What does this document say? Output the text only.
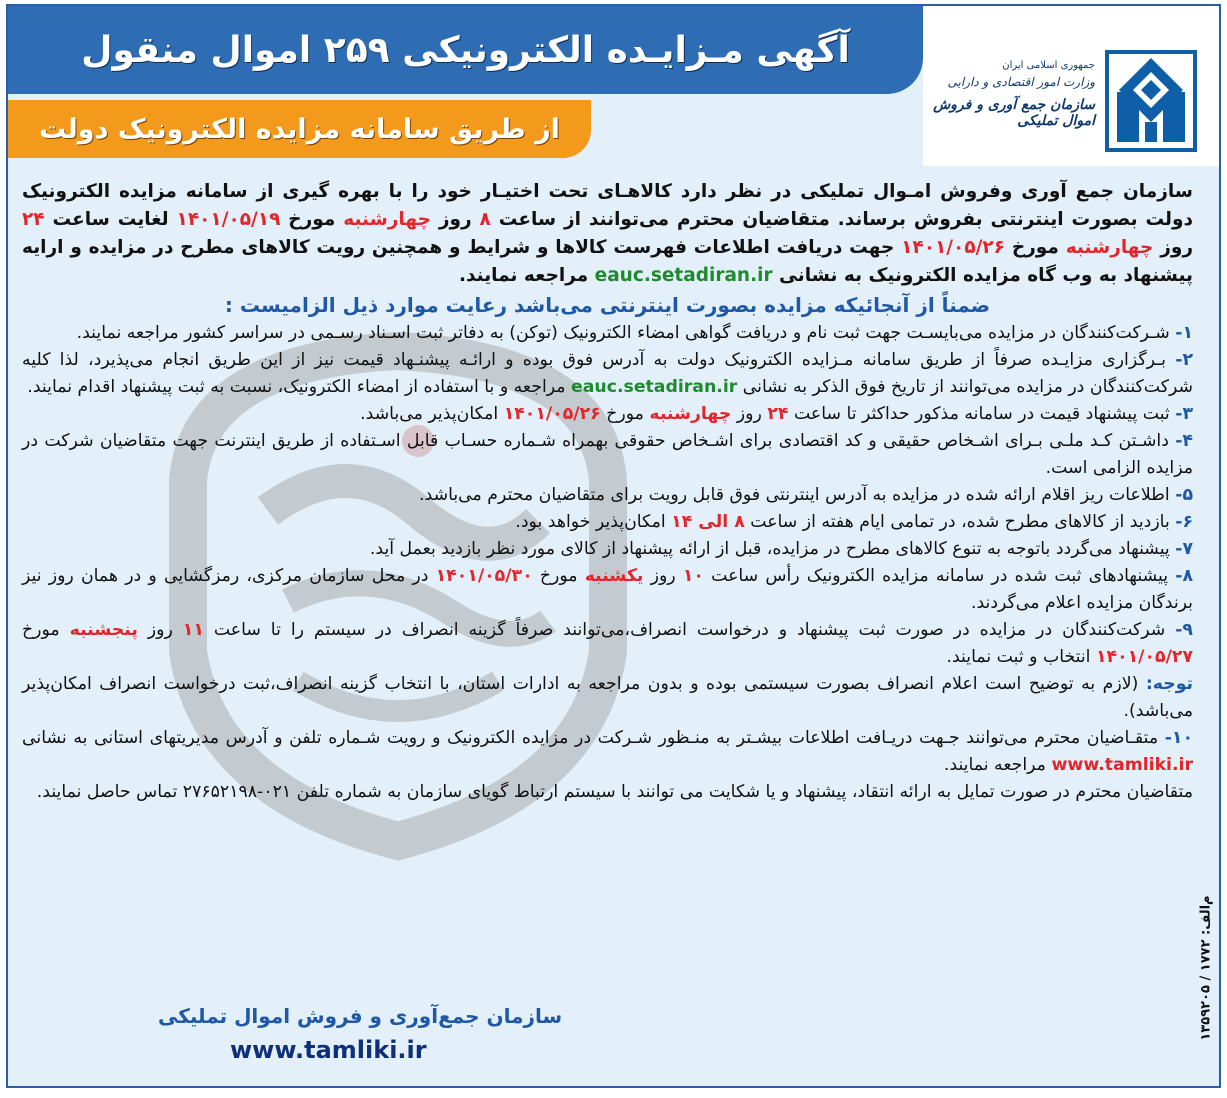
آگهی مـزایـده الکترونیکی ۲۵۹ اموال منقول
از طریق سامانه مزایده الکترونیک دولت
جمهوری اسلامی ایران
وزارت امور اقتصادی و دارایی
سازمان جمع آوری و فروش اموال تملیکی

سازمان جمع آوری وفروش امـوال تملیکی در نظر دارد کالاهـای تحت اختیـار خود را با بهره گیری از سامانه مزایده الکترونیک دولت بصورت اینترنتی بفروش برساند. متقاضیان محترم می‌توانند از ساعت ۸ روز چهارشنبه مورخ ۱۴۰۱/۰۵/۱۹ لغایت ساعت ۲۴ روز چهارشنبه مورخ ۱۴۰۱/۰۵/۲۶ جهت دریافت اطلاعات فهرست کالاها و شرایط و همچنین رویت کالاهای مطرح در مزایده و ارایه پیشنهاد به وب گاه مزایده الکترونیک به نشانی eauc.setadiran.ir مراجعه نمایند.

ضمناً از آنجائیکه مزایده بصورت اینترنتی می‌باشد رعایت موارد ذیل الزامیست :

۱- شـرکت‌کنندگان در مزایده می‌بایسـت جهت ثبت نام و دریافت گواهی امضاء الکترونیک (توکن) به دفاتر ثبت اسـناد رسـمی در سراسر کشور مراجعه نمایند.

۲- بـرگزاری مزایـده صرفاً از طریق سامانه مـزایده الکترونیک دولت به آدرس فوق بوده و ارائـه پیشنـهاد قیمت نیز از این طریق انجام می‌پذیرد، لذا کلیه شرکت‌کنندگان در مزایده می‌توانند از تاریخ فوق الذکر به نشانی eauc.setadiran.ir مراجعه و با استفاده از امضاء الکترونیک، نسبت به ثبت پیشنهاد اقدام نمایند.

۳- ثبت پیشنهاد قیمت در سامانه مذکور حداکثر تا ساعت ۲۴ روز چهارشنبه مورخ ۱۴۰۱/۰۵/۲۶ امکان‌پذیر می‌باشد.

۴- داشـتن کـد ملـی بـرای اشـخاص حقیقی و کد اقتصادی برای اشـخاص حقوقی بهمراه شـماره حسـاب قابل اسـتفاده از طریق اینترنت جهت متقاضیان شرکت در مزایده الزامی است.

۵- اطلاعات ریز اقلام ارائه شده در مزایده به آدرس اینترنتی فوق قابل رویت برای متقاضیان محترم می‌باشد.

۶- بازدید از کالاهای مطرح شده، در تمامی ایام هفته از ساعت ۸ الی ۱۴ امکان‌پذیر خواهد بود.

۷- پیشنهاد می‌گردد باتوجه به تنوع کالاهای مطرح در مزایده، قبل از ارائه پیشنهاد از کالای مورد نظر بازدید بعمل آید.

۸- پیشنهادهای ثبت شده در سامانه مزایده الکترونیک رأس ساعت ۱۰ روز یکشنبه مورخ ۱۴۰۱/۰۵/۳۰ در محل سازمان مرکزی، رمزگشایی و در همان روز نیز برندگان مزایده اعلام می‌گردند.

۹- شرکت‌کنندگان در مزایده در صورت ثبت پیشنهاد و درخواست انصراف،می‌توانند صرفاً گزینه انصراف در سیستم را تا ساعت ۱۱ روز پنجشنبه مورخ ۱۴۰۱/۰۵/۲۷ انتخاب و ثبت نمایند.

توجه: (لازم به توضیح است اعلام انصراف بصورت سیستمی بوده و بدون مراجعه به ادارات استان، با انتخاب گزینه انصراف،ثبت درخواست انصراف امکان‌پذیر می‌باشد).

۱۰- متقـاضیان محترم می‌توانند جـهت دریـافت اطلاعات بیشـتر به منـظور شـرکت در مزایده الکترونیک و رویت شـماره تلفن و آدرس مدیریتهای استانی به نشانی www.tamliki.ir مراجعه نمایند.

متقاضیان محترم در صورت تمایل به ارائه انتقاد، پیشنهاد و یا شکایت می توانند با سیستم ارتباط گویای سازمان به شماره تلفن ۰۲۱-۲۷۶۵۲۱۹۸ تماس حاصل نمایند.

سازمان جمع‌آوری و فروش اموال تملیکی
www.tamliki.ir
م‌الف: ۱۷۷۲ / ۱۳۵۹۲۰۵
